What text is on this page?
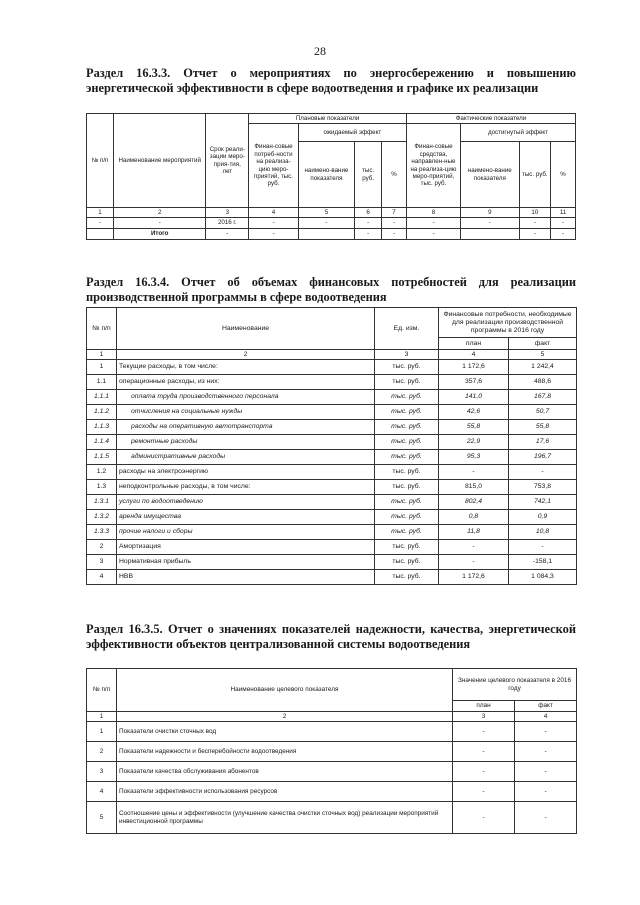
28
Раздел 16.3.3. Отчет о мероприятиях по энергосбережению и повышению энергетической эффективности в сфере водоотведения и графике их реализации
№ п/п	Наименование мероприятий	Срок реали-зации меро-прия-тия, лет	Плановые показатели				Фактические показатели			
			Финан-совые потреб-ности на реализа-цию меро-приятий, тыс. руб.	ожидаемый эффект			Финан-совые средства, направлен-ные на реализа-цию меро-приятий, тыс. руб.	достигнутый эффект		
				наимено-вание показателя	тыс. руб.	%		наимено-вание показателя	тыс. руб.	%
1	2	3	4	5	6	7	8	9	10	11
-	-	2016 г.	-	-	-	-	-	-	-	-
	Итого	-	-		-	-	-		-	-
Раздел 16.3.4. Отчет об объемах финансовых потребностей для реализации производственной программы в сфере водоотведения
№ п/п	Наименование	Ед. изм.	Финансовые потребности, необходимые для реализации производственной программы в 2016 году	
			план	факт
1	2	3	4	5
1	Текущие расходы, в том числе:	тыс. руб.	1 172,6	1 242,4
1.1	операционные расходы, из них:	тыс. руб.	357,6	488,6
1.1.1	оплата труда производственного персонала	тыс. руб.	141,0	167,8
1.1.2	отчисления на социальные нужды	тыс. руб.	42,6	50,7
1.1.3	расходы на оперативную автотранспорта	тыс. руб.	55,8	55,8
1.1.4	ремонтные расходы	тыс. руб.	22,9	17,6
1.1.5	административные расходы	тыс. руб.	95,3	196,7
1.2	расходы на электроэнергию	тыс. руб.	-	-
1.3	неподконтрольные расходы, в том числе:	тыс. руб.	815,0	753,8
1.3.1	услуги по водоотведению	тыс. руб.	802,4	742,1
1.3.2	аренда имущества	тыс. руб.	0,8	0,9
1.3.3	прочие налоги и сборы	тыс. руб.	11,8	10,8
2	Амортизация	тыс. руб.	-	-
3	Нормативная прибыль	тыс. руб.	-	-158,1
4	НВВ	тыс. руб.	1 172,6	1 084,3
Раздел 16.3.5. Отчет о значениях показателей надежности, качества, энергетической эффективности объектов централизованной системы водоотведения
№ п/п	Наименование целевого показателя	Значение целевого показателя в 2016 году	
		план	факт
1	2	3	4
1	Показатели очистки сточных вод	-	-
2	Показатели надежности и бесперебойности водоотведения	-	-
3	Показатели качества обслуживания абонентов	-	-
4	Показатели эффективности использования ресурсов	-	-
5	Соотношение цены и эффективности (улучшение качества очистки сточных вод) реализации мероприятий инвестиционной программы	-	-
